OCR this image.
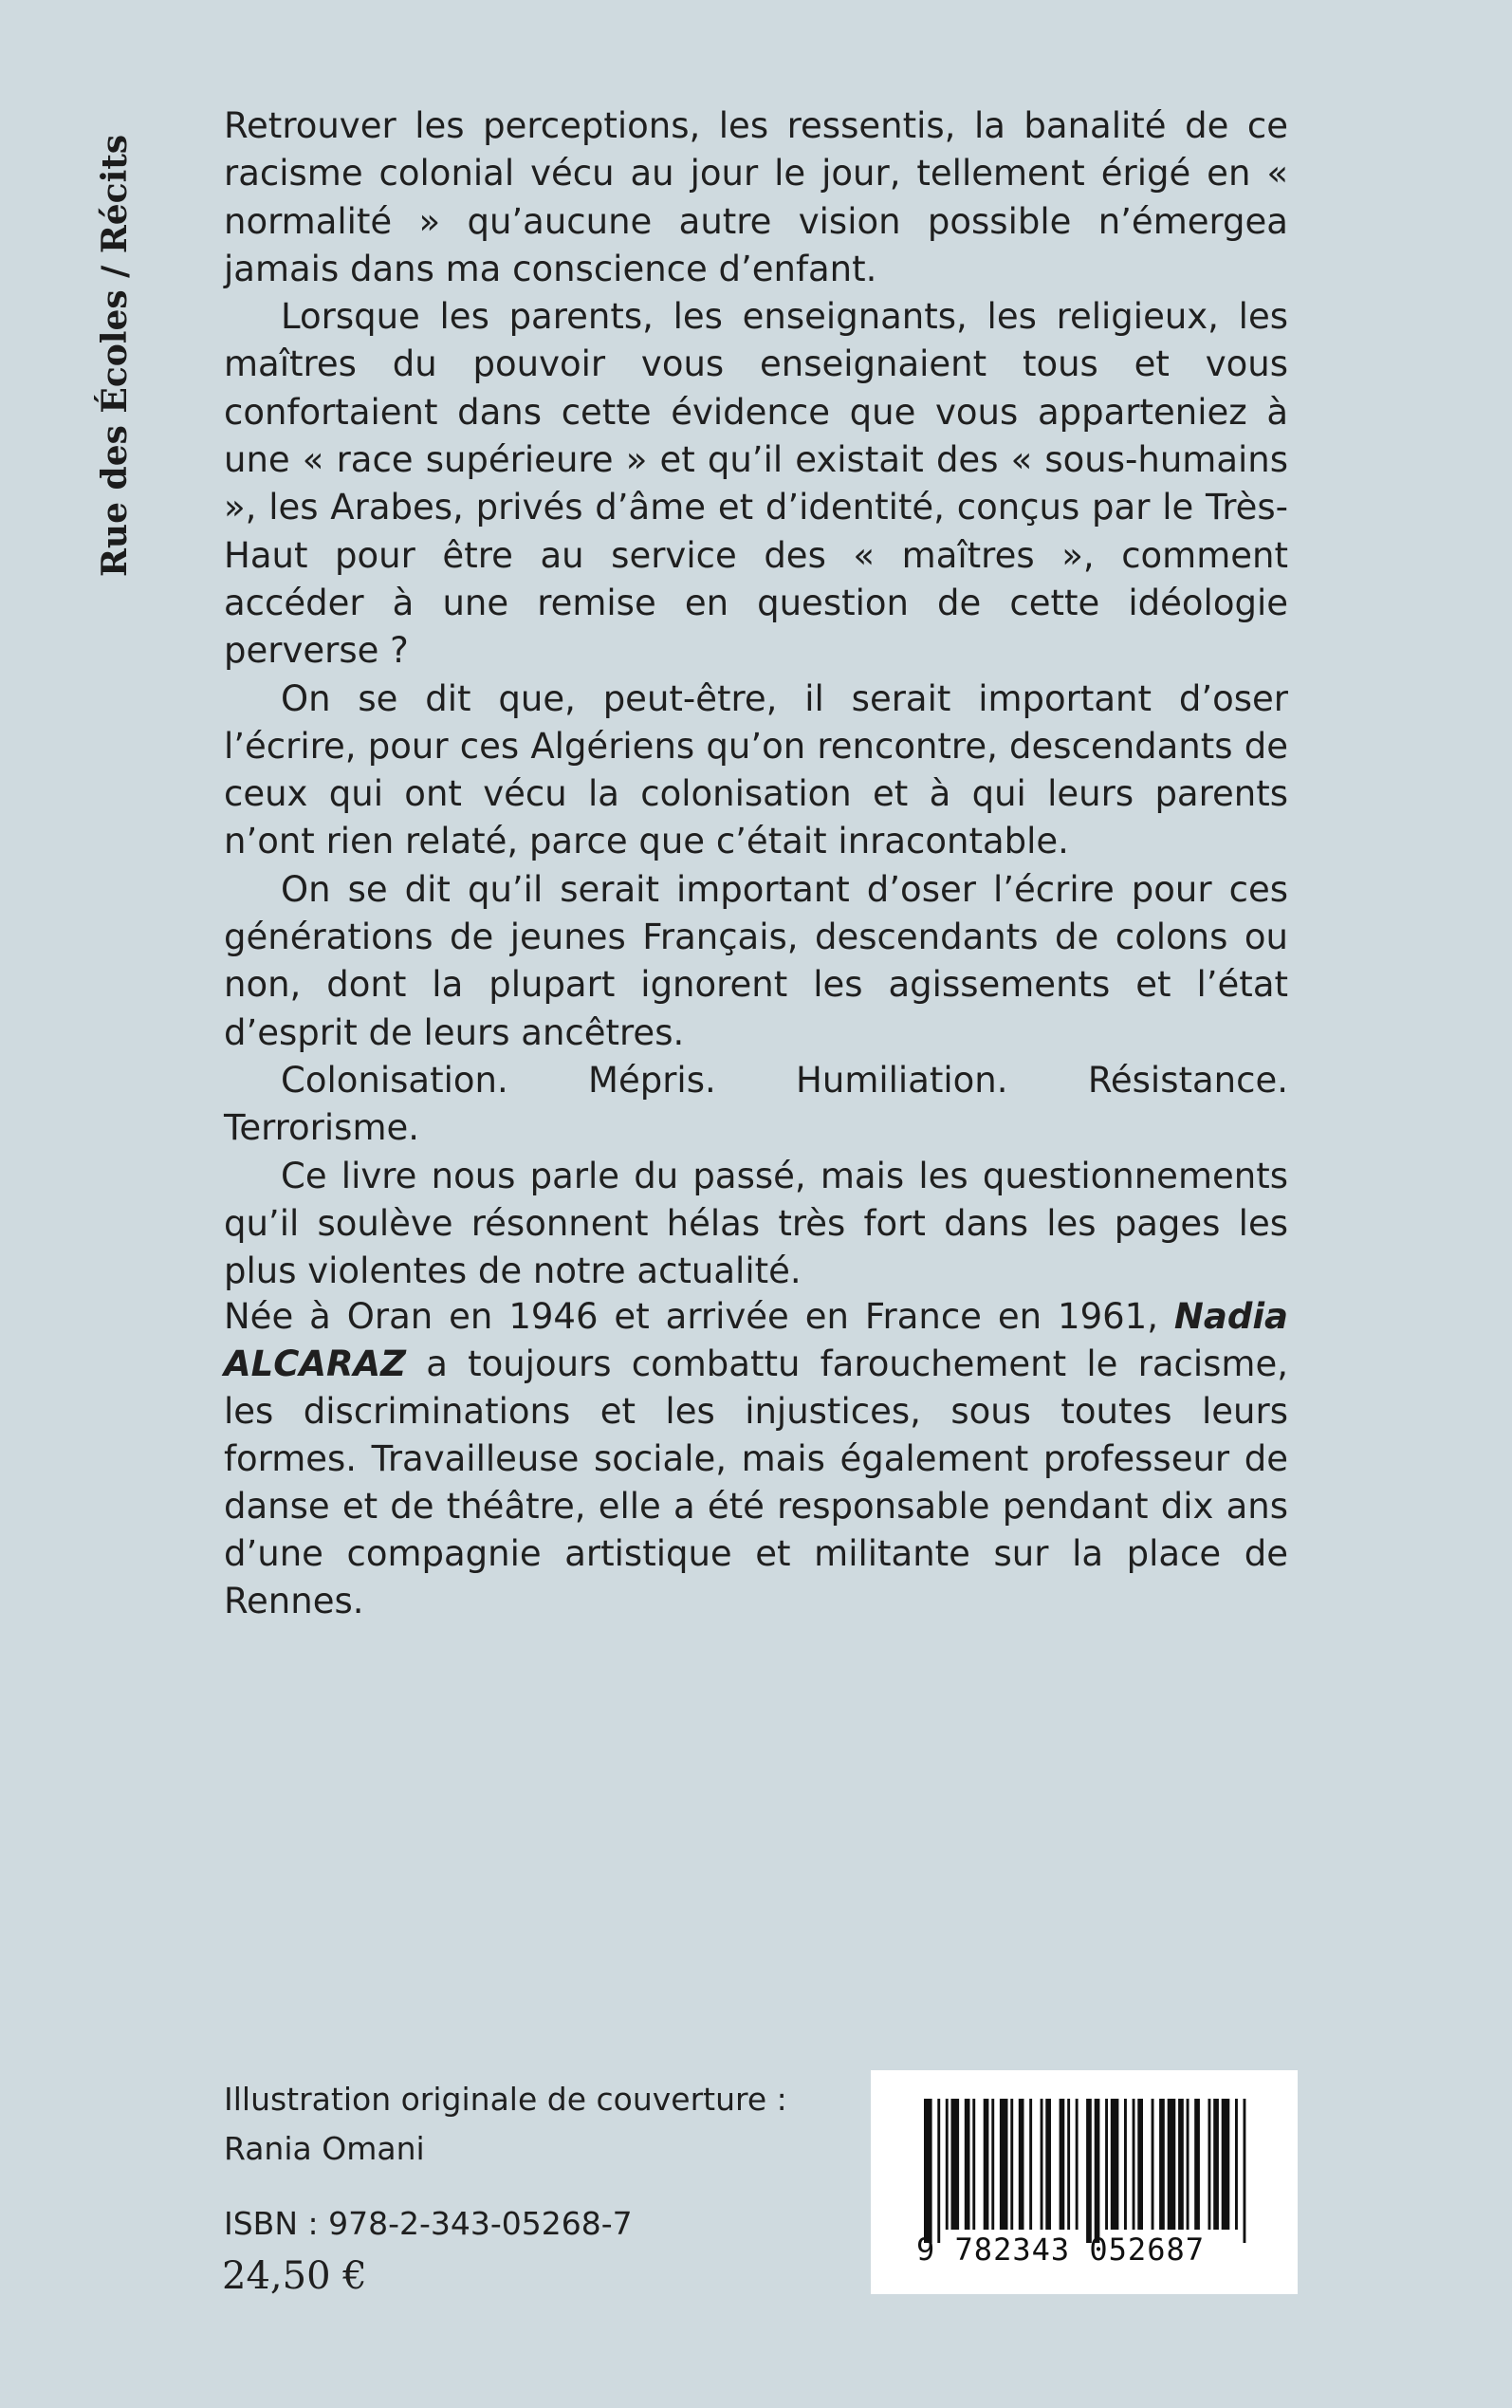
Rue des Écoles / Récits

Retrouver les perceptions, les ressentis, la banalité de ce racisme colonial vécu au jour le jour, tellement érigé en « normalité » qu’aucune autre vision possible n’émergea jamais dans ma conscience d’enfant.

Lorsque les parents, les enseignants, les religieux, les maîtres du pouvoir vous enseignaient tous et vous confortaient dans cette évidence que vous apparteniez à une « race supérieure » et qu’il existait des « sous-humains », les Arabes, privés d’âme et d’identité, conçus par le Très-Haut pour être au service des « maîtres », comment accéder à une remise en question de cette idéologie perverse ?

On se dit que, peut-être, il serait important d’oser l’écrire, pour ces Algériens qu’on rencontre, descendants de ceux qui ont vécu la colonisation et à qui leurs parents n’ont rien relaté, parce que c’était inracontable.

On se dit qu’il serait important d’oser l’écrire pour ces générations de jeunes Français, descendants de colons ou non, dont la plupart ignorent les agissements et l’état d’esprit de leurs ancêtres.

Colonisation. Mépris. Humiliation. Résistance. Terrorisme.

Ce livre nous parle du passé, mais les questionnements qu’il soulève résonnent hélas très fort dans les pages les plus violentes de notre actualité.

Née à Oran en 1946 et arrivée en France en 1961, Nadia ALCARAZ a toujours combattu farouchement le racisme, les discriminations et les injustices, sous toutes leurs formes. Travailleuse sociale, mais également professeur de danse et de théâtre, elle a été responsable pendant dix ans d’une compagnie artistique et militante sur la place de Rennes.

Illustration originale de couverture :
Rania Omani

ISBN : 978-2-343-05268-7

24,50 €

9 782343 052687
